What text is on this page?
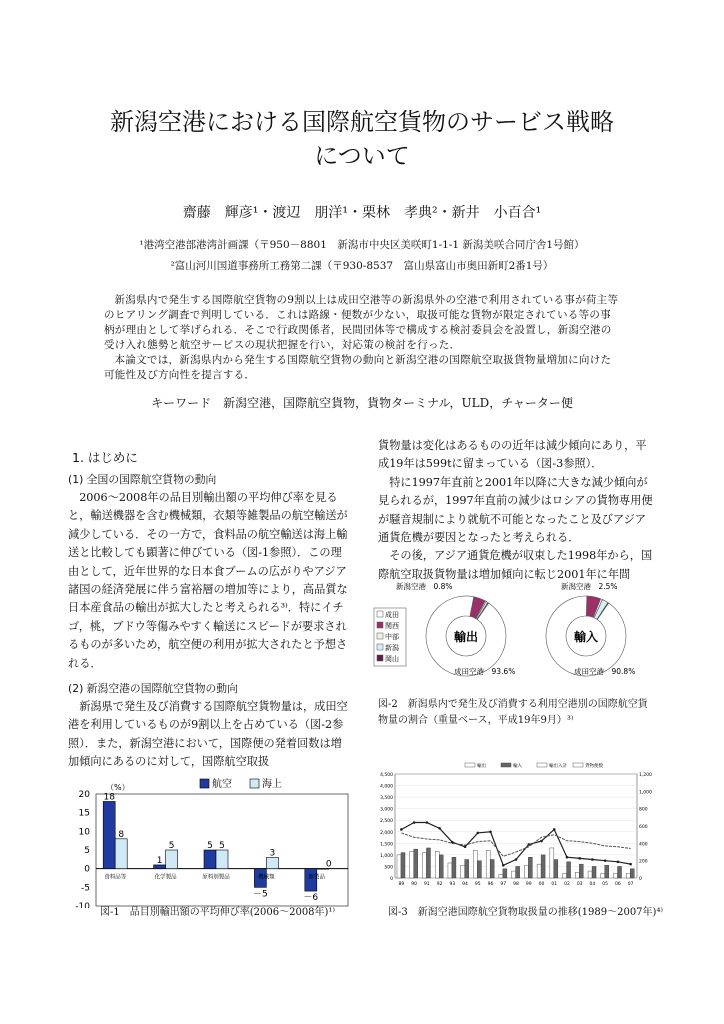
新潟空港における国際航空貨物のサービス戦略
について
齋藤　輝彦¹・渡辺　朋洋¹・栗林　孝典²・新井　小百合¹
¹港湾空港部港湾計画課（〒950－8801　新潟市中央区美咲町1-1-1 新潟美咲合同庁舎1号館）
²富山河川国道事務所工務第二課（〒930-8537　富山県富山市奥田新町2番1号）

新潟県内で発生する国際航空貨物の9割以上は成田空港等の新潟県外の空港で利用されている事が荷主等のヒアリング調査で判明している．これは路線・便数が少ない，取扱可能な貨物が限定されている等の事柄が理由として挙げられる．そこで行政関係者，民間団体等で構成する検討委員会を設置し，新潟空港の受け入れ態勢と航空サービスの現状把握を行い，対応策の検討を行った．

本論文では，新潟県内から発生する国際航空貨物の動向と新潟空港の国際航空取扱貨物量増加に向けた可能性及び方向性を提言する．

キーワード　新潟空港，国際航空貨物，貨物ターミナル，ULD，チャーター便
1. はじめに
(1) 全国の国際航空貨物の動向

2006～2008年の品目別輸出額の平均伸び率を見ると，輸送機器を含む機械類，衣類等雑製品の航空輸送が減少している．その一方で，食料品の航空輸送は海上輸送と比較しても顕著に伸びている（図-1参照）．この理由として，近年世界的な日本食ブームの広がりやアジア諸国の経済発展に伴う富裕層の増加等により，高品質な日本産食品の輸出が拡大したと考えられる³⁾．特にイチゴ，桃，ブドウ等傷みやすく輸送にスピードが要求されるものが多いため，航空便の利用が拡大されたと予想される．

(2) 新潟空港の国際航空貨物の動向

新潟県で発生及び消費する国際航空貨物量は，成田空港を利用しているものが9割以上を占めている（図-2参照）．また，新潟空港において，国際便の発着回数は増加傾向にあるのに対して，国際航空取扱

貨物量は変化はあるものの近年は減少傾向にあり，平成19年は599tに留まっている（図-3参照）．

特に1997年直前と2001年以降に大きな減少傾向が見られるが，1997年直前の減少はロシアの貨物専用便が騒音規制により就航不可能となったこと及びアジア通貨危機が要因となったと考えられる．

その後，アジア通貨危機が収束した1998年から，国際航空取扱貨物量は増加傾向に転じ2001年に年間

20
15
10
5
0
-5
-10
（%）
18
8
食料品等
1
5
化学製品
5 5
原料別製品
－5
3
機械類
－6
0
雑製品
航空	海上
図-1　品目別輸出額の平均伸び率(2006～2008年)¹⁾
輸出
新潟空港　0.8%
成田空港　93.6%
輸入
新潟空港　2.5%
成田空港　90.8%
成田
関西
中部
新潟
岡山
図-2　新潟県内で発生及び消費する利用空港別の国際航空貨物量の割合（重量ベース，平成19年9月）³⁾
4,500
4,000
3,500
3,000
2,500
2,000
1,500
1,000
500
0
1,200
1,000
800
600
400
200
0
89 90 91 92 93 94 95 96 97 98 99 00 01 02 03 04 05 06 07
輸出	輸入	輸出入計	貨物便数
図-3　新潟空港国際航空貨物取扱量の推移(1989～2007年)⁴⁾
